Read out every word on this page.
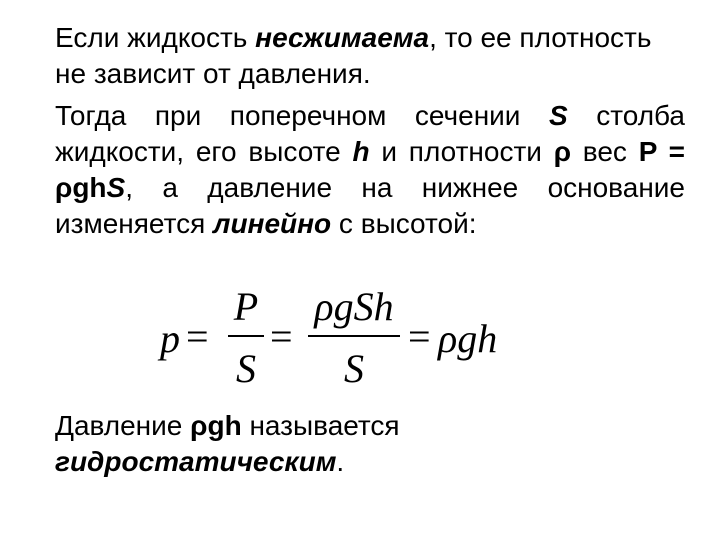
Если жидкость несжимаема, то ее плотность не зависит от давления.
Тогда при поперечном сечении S столба жидкости, его высоте h и плотности ρ вес P = ρghS, а давление на нижнее основание изменяется линейно с высотой:
p =
P
S
=
ρgSh
S
= ρgh
Давление ρgh называется
гидростатическим.
